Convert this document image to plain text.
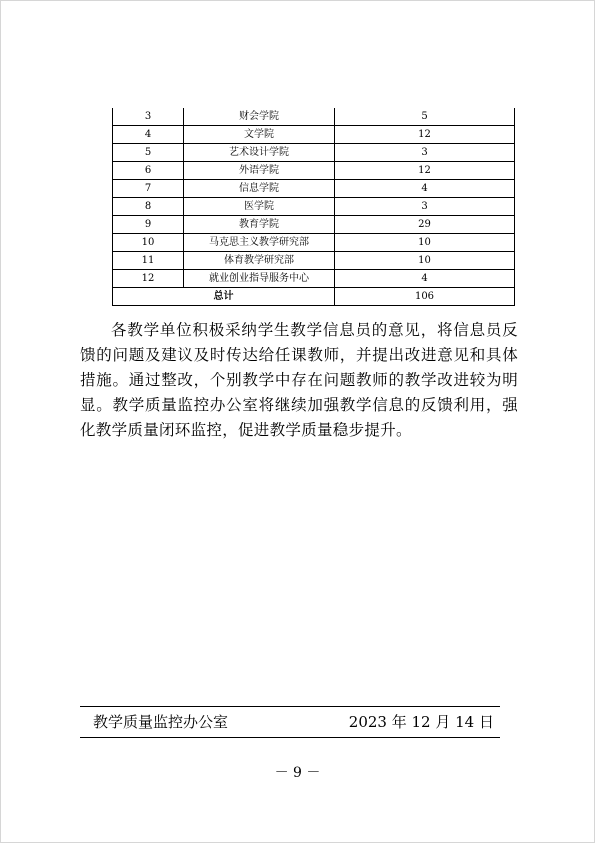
3	财会学院	5
4	文学院	12
5	艺术设计学院	3
6	外语学院	12
7	信息学院	4
8	医学院	3
9	教育学院	29
10	马克思主义教学研究部	10
11	体育教学研究部	10
12	就业创业指导服务中心	4
总计		106

各教学单位积极采纳学生教学信息员的意见，将信息员反馈的问题及建议及时传达给任课教师，并提出改进意见和具体措施。通过整改，个别教学中存在问题教师的教学改进较为明显。教学质量监控办公室将继续加强教学信息的反馈利用，强化教学质量闭环监控，促进教学质量稳步提升。

教学质量监控办公室	2023 年 12 月 14 日
－ 9 －
